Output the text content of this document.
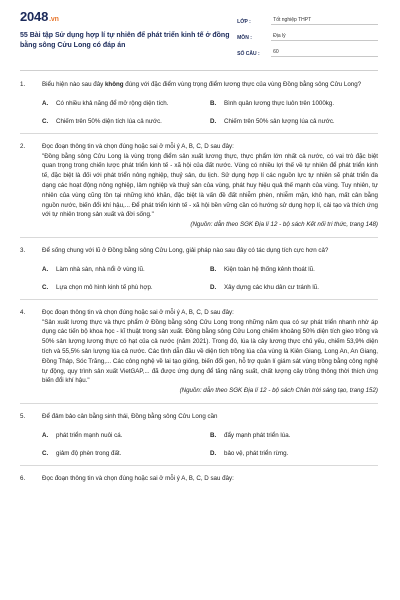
2048.vn
55 Bài tập Sử dụng hợp lí tự nhiên để phát triển kinh tế ở đồng bằng sông Cửu Long có đáp án
LỚP :	Tốt nghiệp THPT
MÔN :	Địa lý
SỐ CÂU :	60
1.	Biểu hiện nào sau đây không đúng với đặc điểm vùng trọng điểm lương thực của vùng Đồng bằng sông Cửu Long?
A.	Có nhiều khả năng để mở rộng diện tích.	B.	Bình quân lương thực luôn trên 1000kg.
C.	Chiếm trên 50% diện tích lúa cả nước.	D.	Chiếm trên 50% sản lượng lúa cả nước.
2.	Đọc đoạn thông tin và chọn đúng hoặc sai ở mỗi ý A, B, C, D sau đây:
"Đồng bằng sông Cửu Long là vùng trọng điểm sản xuất lương thực, thực phẩm lớn nhất cả nước, có vai trò đặc biệt quan trọng trong chiến lược phát triển kinh tế - xã hội của đất nước. Vùng có nhiều lợi thế về tự nhiên để phát triển kinh tế, đặc biệt là đối với phát triển nông nghiệp, thuỷ sản, du lịch. Sử dụng hợp lí các nguồn lực tự nhiên sẽ phát triển đa dạng các hoạt động nông nghiệp, lâm nghiệp và thuỷ sản của vùng, phát huy hiệu quả thế mạnh của vùng. Tuy nhiên, tự nhiên của vùng cũng tồn tại những khó khăn, đặc biệt là vấn đề đất nhiễm phèn, nhiễm mặn, khô hạn, mất cân bằng nguồn nước, biến đổi khí hậu,... Để phát triển kinh tế - xã hội bền vững cần có hướng sử dụng hợp lí, cải tạo và thích ứng với tự nhiên trong sản xuất và đời sống."
(Nguồn: dẫn theo SGK Địa lí 12 - bộ sách Kết nối tri thức, trang 148)
3.	Để sống chung với lũ ở Đồng bằng sông Cửu Long, giải pháp nào sau đây có tác dụng tích cực hơn cả?
A.	Làm nhà sàn, nhà nổi ở vùng lũ.	B.	Kiện toàn hệ thống kênh thoát lũ.
C.	Lựa chọn mô hình kinh tế phù hợp.	D.	Xây dựng các khu dân cư tránh lũ.
4.	Đọc đoạn thông tin và chọn đúng hoặc sai ở mỗi ý A, B, C, D sau đây:
"Sản xuất lương thực và thực phẩm ở Đồng bằng sông Cửu Long trong những năm qua có sự phát triển nhanh nhờ áp dụng các tiến bộ khoa học - kĩ thuật trong sản xuất. Đồng bằng sông Cửu Long chiếm khoảng 50% diện tích gieo trồng và 50% sản lượng lương thực có hạt của cả nước (năm 2021). Trong đó, lúa là cây lương thực chủ yếu, chiếm 53,9% diện tích và 55,5% sản lượng lúa cả nước. Các tỉnh dẫn đầu về diện tích trồng lúa của vùng là Kiên Giang, Long An, An Giang, Đồng Tháp, Sóc Trăng,... Các công nghệ về lai tạo giống, biến đổi gen, hỗ trợ quản lí giám sát vùng trồng bằng công nghệ tự động, quy trình sản xuất VietGAP,... đã được ứng dụng để tăng năng suất, chất lượng cây trồng thông thời thích ứng biến đổi khí hậu."
(Nguồn: dẫn theo SGK Địa lí 12 - bộ sách Chân trời sáng tạo, trang 152)
5.	Để đảm bảo cân bằng sinh thái, Đồng bằng sông Cửu Long cần
A.	phát triển mạnh nuôi cá.	B.	đẩy mạnh phát triển lúa.
C.	giảm độ phèn trong đất.	D.	bảo vệ, phát triển rừng.
6.	Đọc đoạn thông tin và chọn đúng hoặc sai ở mỗi ý A, B, C, D sau đây:
